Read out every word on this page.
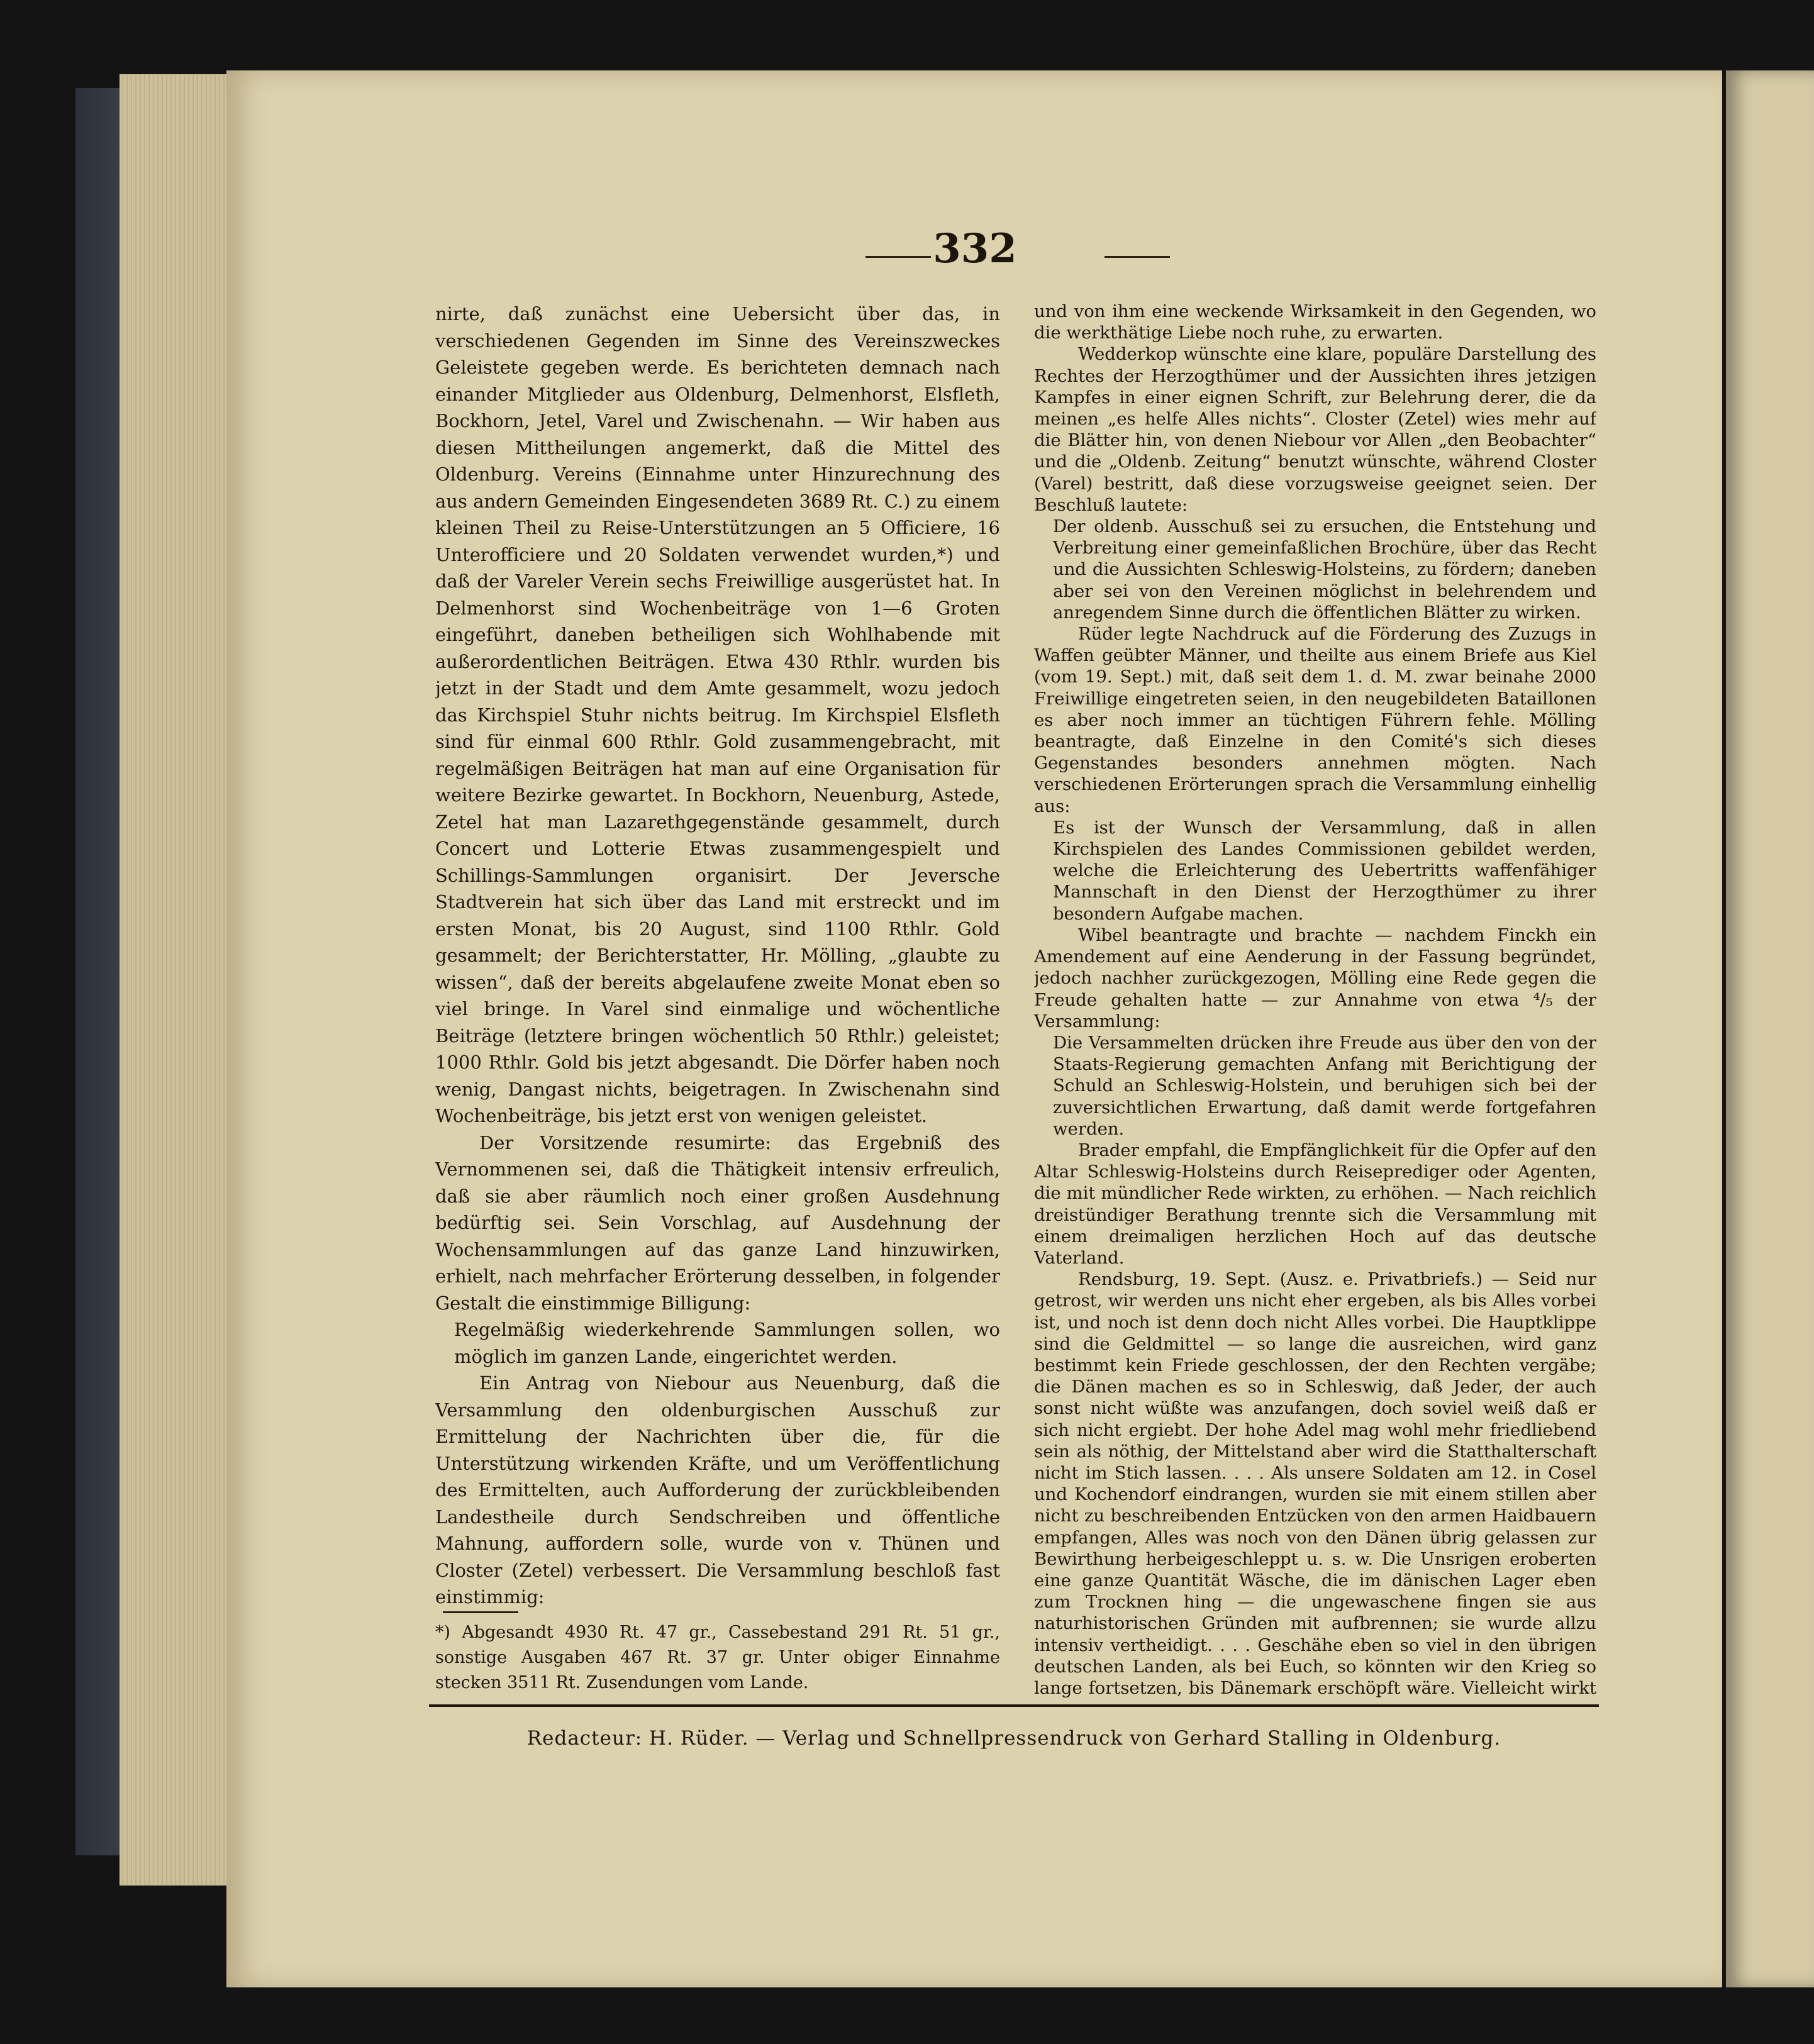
332

nirte, daß zunächst eine Uebersicht über das, in verschiedenen Gegenden im Sinne des Vereinszweckes Geleistete gegeben werde. Es berichteten demnach nach einander Mitglieder aus Oldenburg, Delmenhorst, Elsfleth, Bockhorn, Jetel, Varel und Zwischenahn. — Wir haben aus diesen Mittheilungen angemerkt, daß die Mittel des Oldenburg. Vereins (Einnahme unter Hinzurechnung des aus andern Gemeinden Eingesendeten 3689 Rt. C.) zu einem kleinen Theil zu Reise-Unterstützungen an 5 Officiere, 16 Unterofficiere und 20 Soldaten verwendet wurden,*) und daß der Vareler Verein sechs Freiwillige ausgerüstet hat. In Delmenhorst sind Wochenbeiträge von 1—6 Groten eingeführt, daneben betheiligen sich Wohlhabende mit außerordentlichen Beiträgen. Etwa 430 Rthlr. wurden bis jetzt in der Stadt und dem Amte gesammelt, wozu jedoch das Kirchspiel Stuhr nichts beitrug. Im Kirchspiel Elsfleth sind für einmal 600 Rthlr. Gold zusammengebracht, mit regelmäßigen Beiträgen hat man auf eine Organisation für weitere Bezirke gewartet. In Bockhorn, Neuenburg, Astede, Zetel hat man Lazarethgegenstände gesammelt, durch Concert und Lotterie Etwas zusammengespielt und Schillings-Sammlungen organisirt. Der Jeversche Stadtverein hat sich über das Land mit erstreckt und im ersten Monat, bis 20 August, sind 1100 Rthlr. Gold gesammelt; der Berichterstatter, Hr. Mölling, „glaubte zu wissen“, daß der bereits abgelaufene zweite Monat eben so viel bringe. In Varel sind einmalige und wöchentliche Beiträge (letztere bringen wöchentlich 50 Rthlr.) geleistet; 1000 Rthlr. Gold bis jetzt abgesandt. Die Dörfer haben noch wenig, Dangast nichts, beigetragen. In Zwischenahn sind Wochenbeiträge, bis jetzt erst von wenigen geleistet.

Der Vorsitzende resumirte: das Ergebniß des Vernommenen sei, daß die Thätigkeit intensiv erfreulich, daß sie aber räumlich noch einer großen Ausdehnung bedürftig sei. Sein Vorschlag, auf Ausdehnung der Wochensammlungen auf das ganze Land hinzuwirken, erhielt, nach mehrfacher Erörterung desselben, in folgender Gestalt die einstimmige Billigung:

Regelmäßig wiederkehrende Sammlungen sollen, wo möglich im ganzen Lande, eingerichtet werden.

Ein Antrag von Niebour aus Neuenburg, daß die Versammlung den oldenburgischen Ausschuß zur Ermittelung der Nachrichten über die, für die Unterstützung wirkenden Kräfte, und um Veröffentlichung des Ermittelten, auch Aufforderung der zurückbleibenden Landestheile durch Sendschreiben und öffentliche Mahnung, auffordern solle, wurde von v. Thünen und Closter (Zetel) verbessert. Die Versammlung beschloß fast einstimmig:

*) Abgesandt 4930 Rt. 47 gr., Cassebestand 291 Rt. 51 gr., sonstige Ausgaben 467 Rt. 37 gr. Unter obiger Einnahme stecken 3511 Rt. Zusendungen vom Lande.

und von ihm eine weckende Wirksamkeit in den Gegenden, wo die werkthätige Liebe noch ruhe, zu erwarten.

Wedderkop wünschte eine klare, populäre Darstellung des Rechtes der Herzogthümer und der Aussichten ihres jetzigen Kampfes in einer eignen Schrift, zur Belehrung derer, die da meinen „es helfe Alles nichts“. Closter (Zetel) wies mehr auf die Blätter hin, von denen Niebour vor Allen „den Beobachter“ und die „Oldenb. Zeitung“ benutzt wünschte, während Closter (Varel) bestritt, daß diese vorzugsweise geeignet seien. Der Beschluß lautete:

Der oldenb. Ausschuß sei zu ersuchen, die Entstehung und Verbreitung einer gemeinfaßlichen Brochüre, über das Recht und die Aussichten Schleswig-Holsteins, zu fördern; daneben aber sei von den Vereinen möglichst in belehrendem und anregendem Sinne durch die öffentlichen Blätter zu wirken.

Rüder legte Nachdruck auf die Förderung des Zuzugs in Waffen geübter Männer, und theilte aus einem Briefe aus Kiel (vom 19. Sept.) mit, daß seit dem 1. d. M. zwar beinahe 2000 Freiwillige eingetreten seien, in den neugebildeten Bataillonen es aber noch immer an tüchtigen Führern fehle. Mölling beantragte, daß Einzelne in den Comité's sich dieses Gegenstandes besonders annehmen mögten. Nach verschiedenen Erörterungen sprach die Versammlung einhellig aus:

Es ist der Wunsch der Versammlung, daß in allen Kirchspielen des Landes Commissionen gebildet werden, welche die Erleichterung des Uebertritts waffenfähiger Mannschaft in den Dienst der Herzogthümer zu ihrer besondern Aufgabe machen.

Wibel beantragte und brachte — nachdem Finckh ein Amendement auf eine Aenderung in der Fassung begründet, jedoch nachher zurückgezogen, Mölling eine Rede gegen die Freude gehalten hatte — zur Annahme von etwa ⁴/₅ der Versammlung:

Die Versammelten drücken ihre Freude aus über den von der Staats-Regierung gemachten Anfang mit Berichtigung der Schuld an Schleswig-Holstein, und beruhigen sich bei der zuversichtlichen Erwartung, daß damit werde fortgefahren werden.

Brader empfahl, die Empfänglichkeit für die Opfer auf den Altar Schleswig-Holsteins durch Reiseprediger oder Agenten, die mit mündlicher Rede wirkten, zu erhöhen. — Nach reichlich dreistündiger Berathung trennte sich die Versammlung mit einem dreimaligen herzlichen Hoch auf das deutsche Vaterland.

Rendsburg, 19. Sept. (Ausz. e. Privatbriefs.) — Seid nur getrost, wir werden uns nicht eher ergeben, als bis Alles vorbei ist, und noch ist denn doch nicht Alles vorbei. Die Hauptklippe sind die Geldmittel — so lange die ausreichen, wird ganz bestimmt kein Friede geschlossen, der den Rechten vergäbe; die Dänen machen es so in Schleswig, daß Jeder, der auch sonst nicht wüßte was anzufangen, doch soviel weiß daß er sich nicht ergiebt. Der hohe Adel mag wohl mehr friedliebend sein als nöthig, der Mittelstand aber wird die Statthalterschaft nicht im Stich lassen. . . . Als unsere Soldaten am 12. in Cosel und Kochendorf eindrangen, wurden sie mit einem stillen aber nicht zu beschreibenden Entzücken von den armen Haidbauern empfangen, Alles was noch von den Dänen übrig gelassen zur Bewirthung herbeigeschleppt u. s. w. Die Unsrigen eroberten eine ganze Quantität Wäsche, die im dänischen Lager eben zum Trocknen hing — die ungewaschene fingen sie aus naturhistorischen Gründen mit aufbrennen; sie wurde allzu intensiv vertheidigt. . . . Geschähe eben so viel in den übrigen deutschen Landen, als bei Euch, so könnten wir den Krieg so lange fortsetzen, bis Dänemark erschöpft wäre. Vielleicht wirkt

Redacteur: H. Rüder. — Verlag und Schnellpressendruck von Gerhard Stalling in Oldenburg.
